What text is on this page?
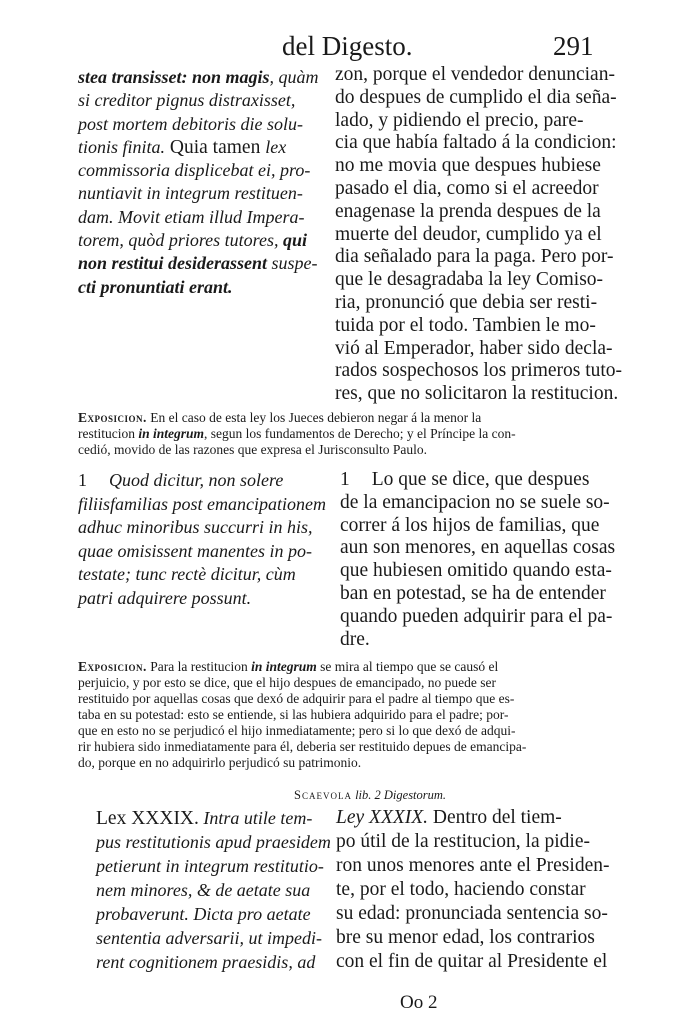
del Digesto.	291
stea transisset: non magis, quàm
si creditor pignus distraxisset,
post mortem debitoris die solu-
tionis finita. Quia tamen lex
commissoria displicebat ei, pro-
nuntiavit in integrum restituen-
dam. Movit etiam illud Impera-
torem, quòd priores tutores, qui
non restitui desiderassent suspe-
cti pronuntiati erant.
zon, porque el vendedor denuncian-
do despues de cumplido el dia seña-
lado, y pidiendo el precio, pare-
cia que había faltado á la condicion:
no me movia que despues hubiese
pasado el dia, como si el acreedor
enagenase la prenda despues de la
muerte del deudor, cumplido ya el
dia señalado para la paga. Pero por-
que le desagradaba la ley Comiso-
ria, pronunció que debia ser resti-
tuida por el todo. Tambien le mo-
vió al Emperador, haber sido decla-
rados sospechosos los primeros tuto-
res, que no solicitaron la restitucion.
Exposicion. En el caso de esta ley los Jueces debieron negar á la menor la
restitucion in integrum, segun los fundamentos de Derecho; y el Príncipe la con-
cedió, movido de las razones que expresa el Jurisconsulto Paulo.
1 Quod dicitur, non solere
filiisfamilias post emancipationem
adhuc minoribus succurri in his,
quae omisissent manentes in po-
testate; tunc rectè dicitur, cùm
patri adquirere possunt.
1 Lo que se dice, que despues
de la emancipacion no se suele so-
correr á los hijos de familias, que
aun son menores, en aquellas cosas
que hubiesen omitido quando esta-
ban en potestad, se ha de entender
quando pueden adquirir para el pa-
dre.
Exposicion. Para la restitucion in integrum se mira al tiempo que se causó el
perjuicio, y por esto se dice, que el hijo despues de emancipado, no puede ser
restituido por aquellas cosas que dexó de adquirir para el padre al tiempo que es-
taba en su potestad: esto se entiende, si las hubiera adquirido para el padre; por-
que en esto no se perjudicó el hijo inmediatamente; pero si lo que dexó de adqui-
rir hubiera sido inmediatamente para él, deberia ser restituido depues de emancipa-
do, porque en no adquirirlo perjudicó su patrimonio.
Scaevola lib. 2 Digestorum.
Lex XXXIX. Intra utile tem-
pus restitutionis apud praesidem
petierunt in integrum restitutio-
nem minores, & de aetate sua
probaverunt. Dicta pro aetate
sententia adversarii, ut impedi-
rent cognitionem praesidis, ad
Ley XXXIX. Dentro del tiem-
po útil de la restitucion, la pidie-
ron unos menores ante el Presiden-
te, por el todo, haciendo constar
su edad: pronunciada sentencia so-
bre su menor edad, los contrarios
con el fin de quitar al Presidente el
Oo 2
